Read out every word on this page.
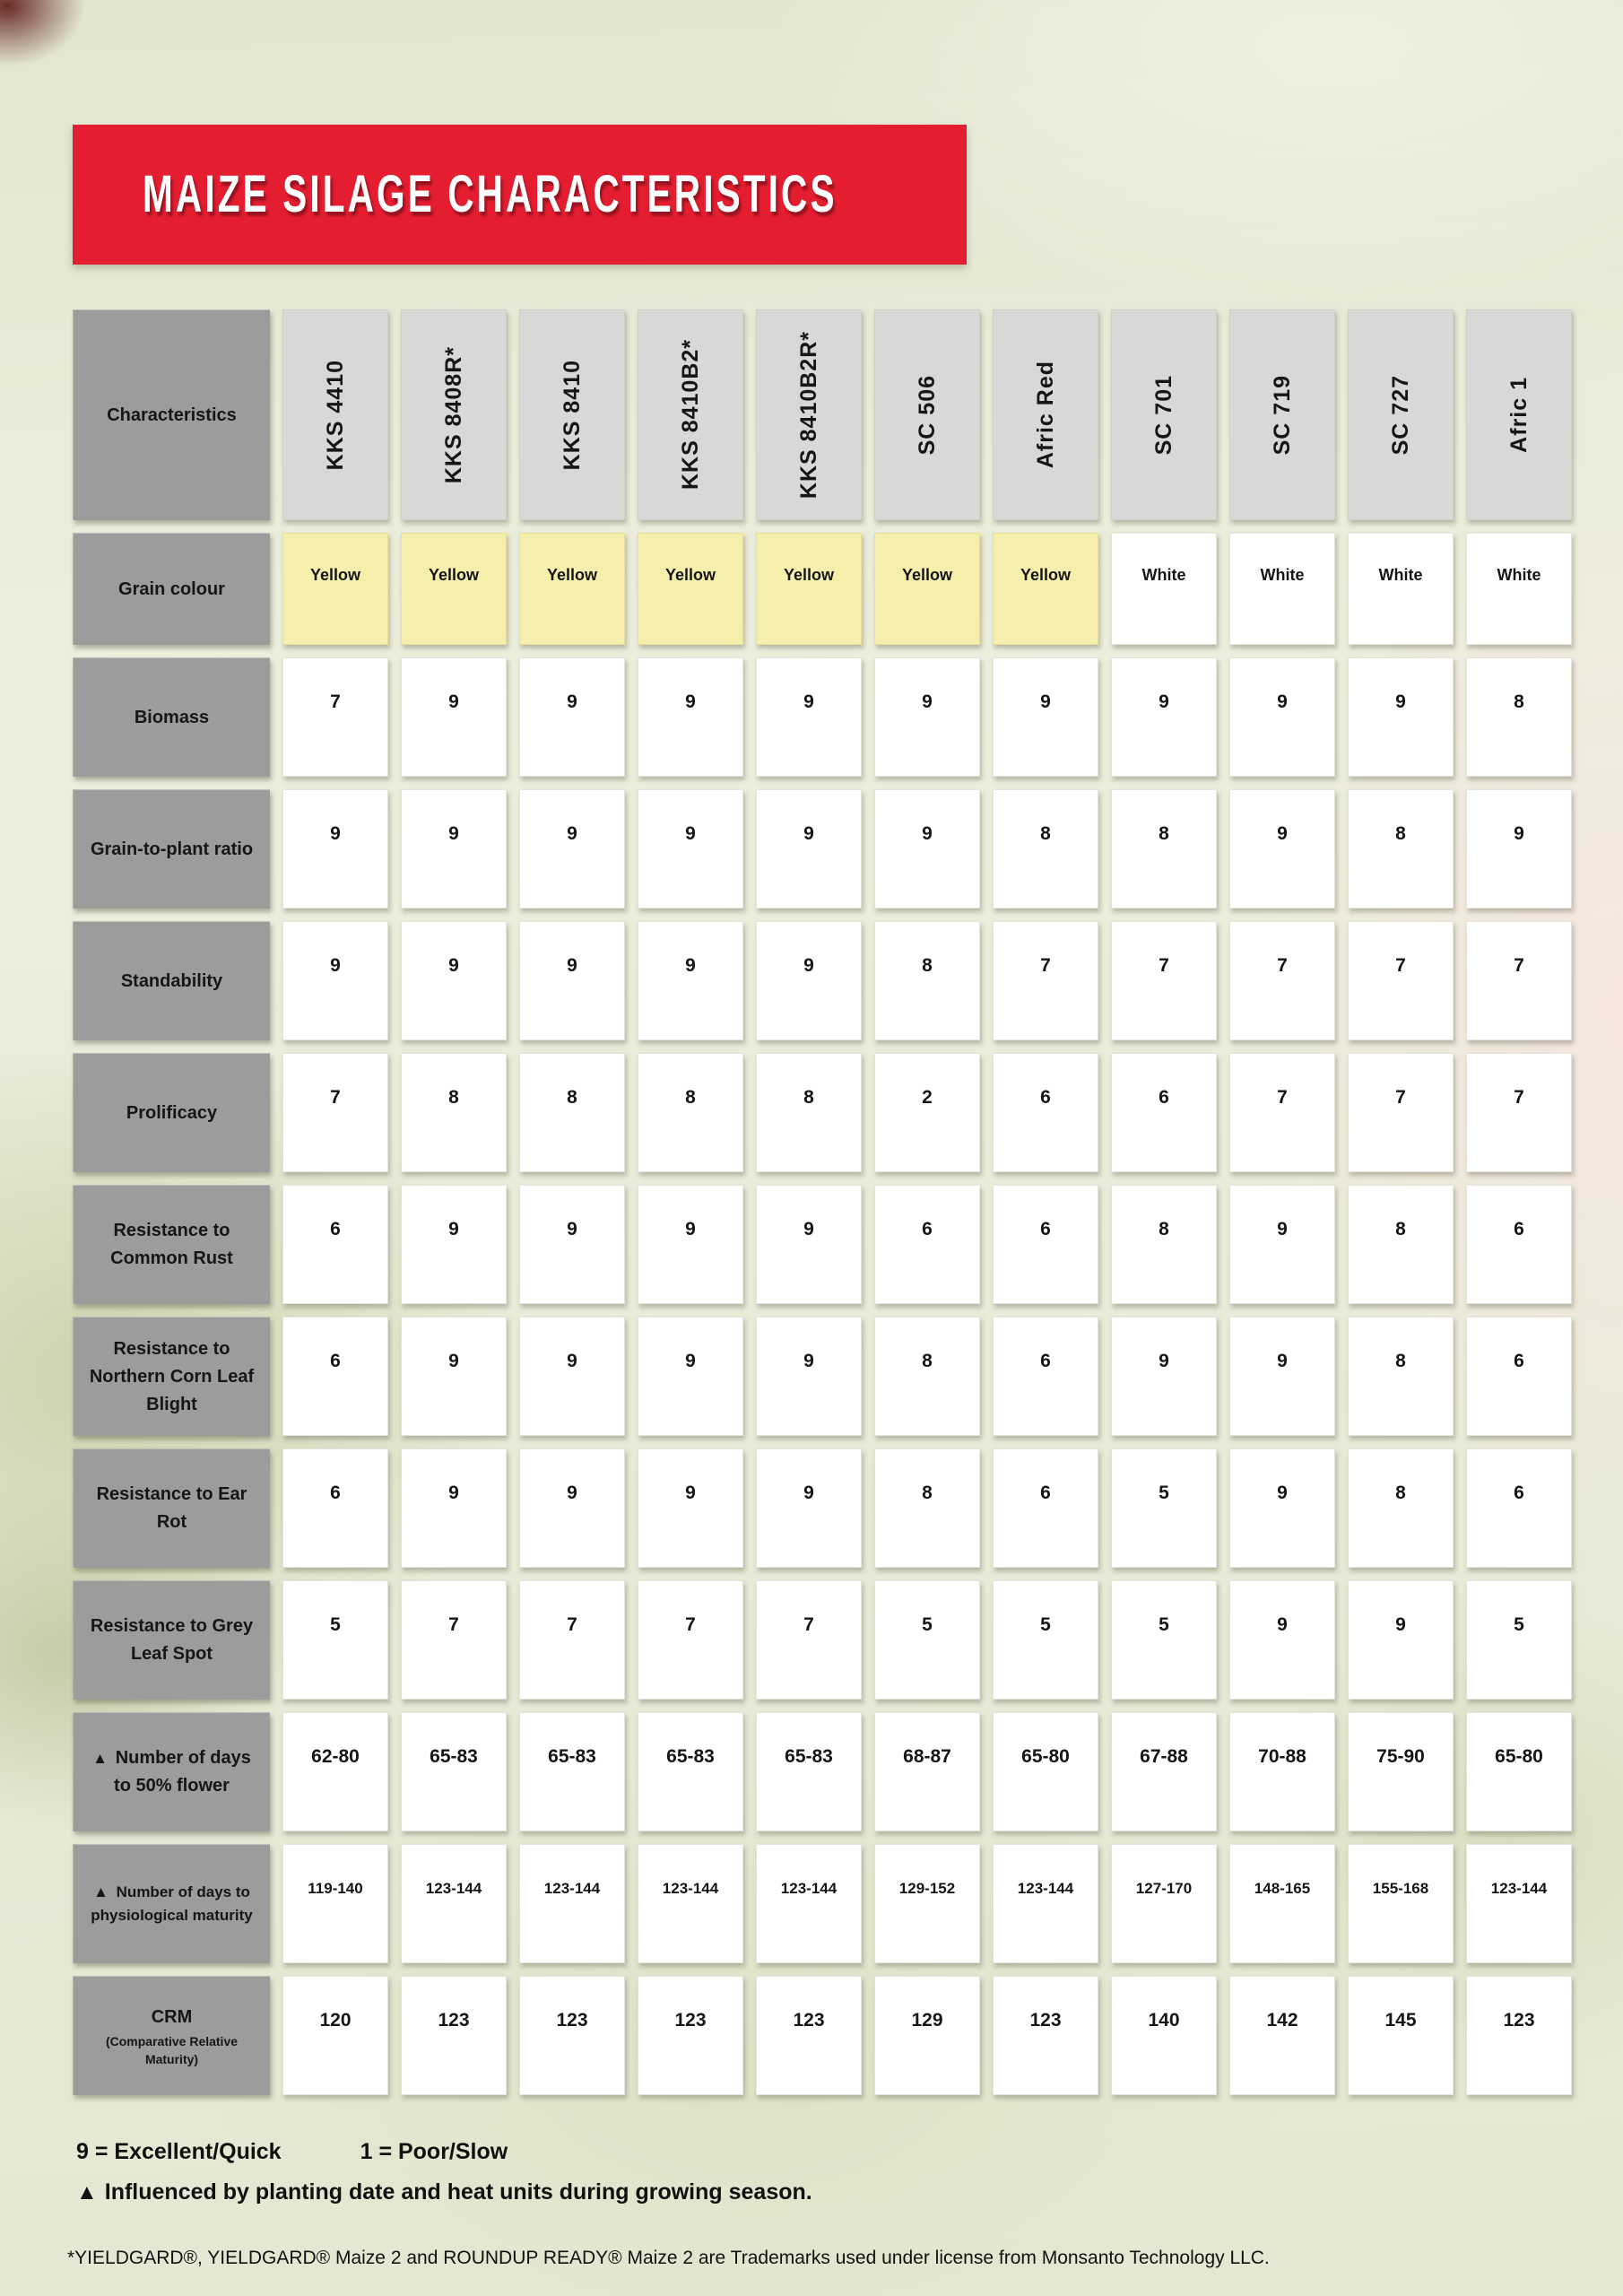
MAIZE SILAGE CHARACTERISTICS
Characteristics	KKS 4410	KKS 8408R*	KKS 8410	KKS 8410B2*	KKS 8410B2R*	SC 506	Afric Red	SC 701	SC 719	SC 727	Afric 1
Grain colour
Yellow	Yellow	Yellow	Yellow	Yellow	Yellow	Yellow	White	White	White	White
Biomass
7	9	9	9	9	9	9	9	9	9	8
Grain-to-plant ratio
9	9	9	9	9	9	8	8	9	8	9
Standability
9	9	9	9	9	8	7	7	7	7	7
Prolificacy
7	8	8	8	8	2	6	6	7	7	7
Resistance to Common Rust
6	9	9	9	9	6	6	8	9	8	6
Resistance to Northern Corn Leaf Blight
6	9	9	9	9	8	6	9	9	8	6
Resistance to Ear Rot
6	9	9	9	9	8	6	5	9	8	6
Resistance to Grey Leaf Spot
5	7	7	7	7	5	5	5	9	9	5
▲ Number of days to 50% flower
62-80	65-83	65-83	65-83	65-83	68-87	65-80	67-88	70-88	75-90	65-80
▲ Number of days to physiological maturity
119-140	123-144	123-144	123-144	123-144	129-152	123-144	127-170	148-165	155-168	123-144
CRM
(Comparative Relative Maturity)
120	123	123	123	123	129	123	140	142	145	123
9 = Excellent/Quick	1 = Poor/Slow
▲ Influenced by planting date and heat units during growing season.
*YIELDGARD®, YIELDGARD® Maize 2 and ROUNDUP READY® Maize 2 are Trademarks used under license from Monsanto Technology LLC.
